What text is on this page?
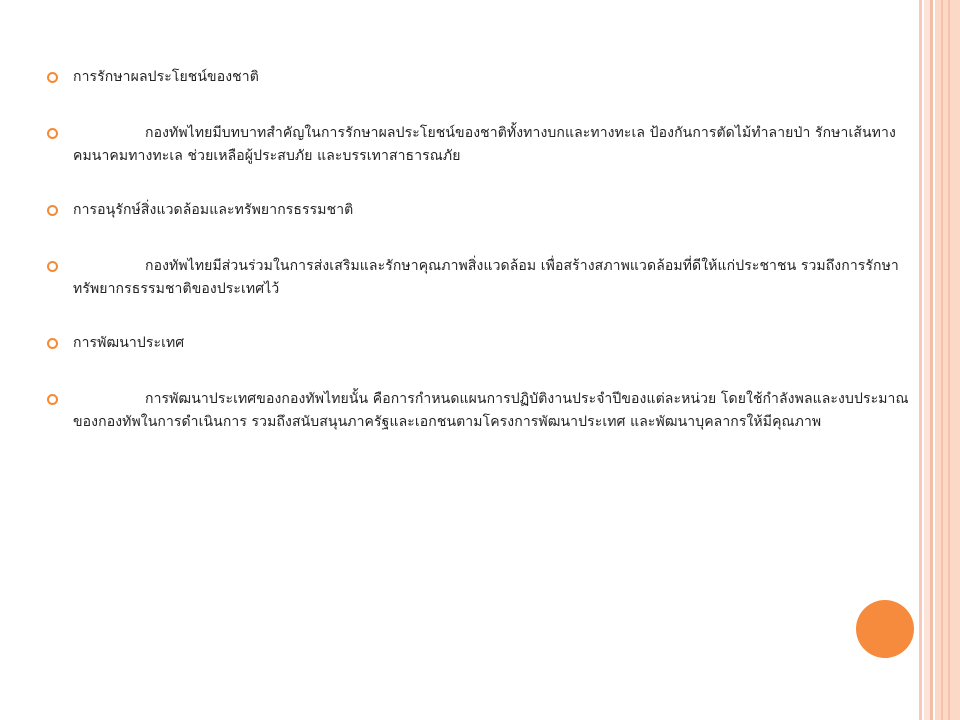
การรักษาผลประโยชน์ของชาติ
กองทัพไทยมีบทบาทสำคัญในการรักษาผลประโยชน์ของชาติทั้งทางบกและทางทะเล ป้องกันการตัดไม้ทำลายป่า รักษาเส้นทางคมนาคมทางทะเล ช่วยเหลือผู้ประสบภัย และบรรเทาสาธารณภัย
การอนุรักษ์สิ่งแวดล้อมและทรัพยากรธรรมชาติ
กองทัพไทยมีส่วนร่วมในการส่งเสริมและรักษาคุณภาพสิ่งแวดล้อม เพื่อสร้างสภาพแวดล้อมที่ดีให้แก่ประชาชน รวมถึงการรักษาทรัพยากรธรรมชาติของประเทศไว้
การพัฒนาประเทศ
การพัฒนาประเทศของกองทัพไทยนั้น คือการกำหนดแผนการปฏิบัติงานประจำปีของแต่ละหน่วย โดยใช้กำลังพลและงบประมาณของกองทัพในการดำเนินการ รวมถึงสนับสนุนภาครัฐและเอกชนตามโครงการพัฒนาประเทศ และพัฒนาบุคลากรให้มีคุณภาพ
